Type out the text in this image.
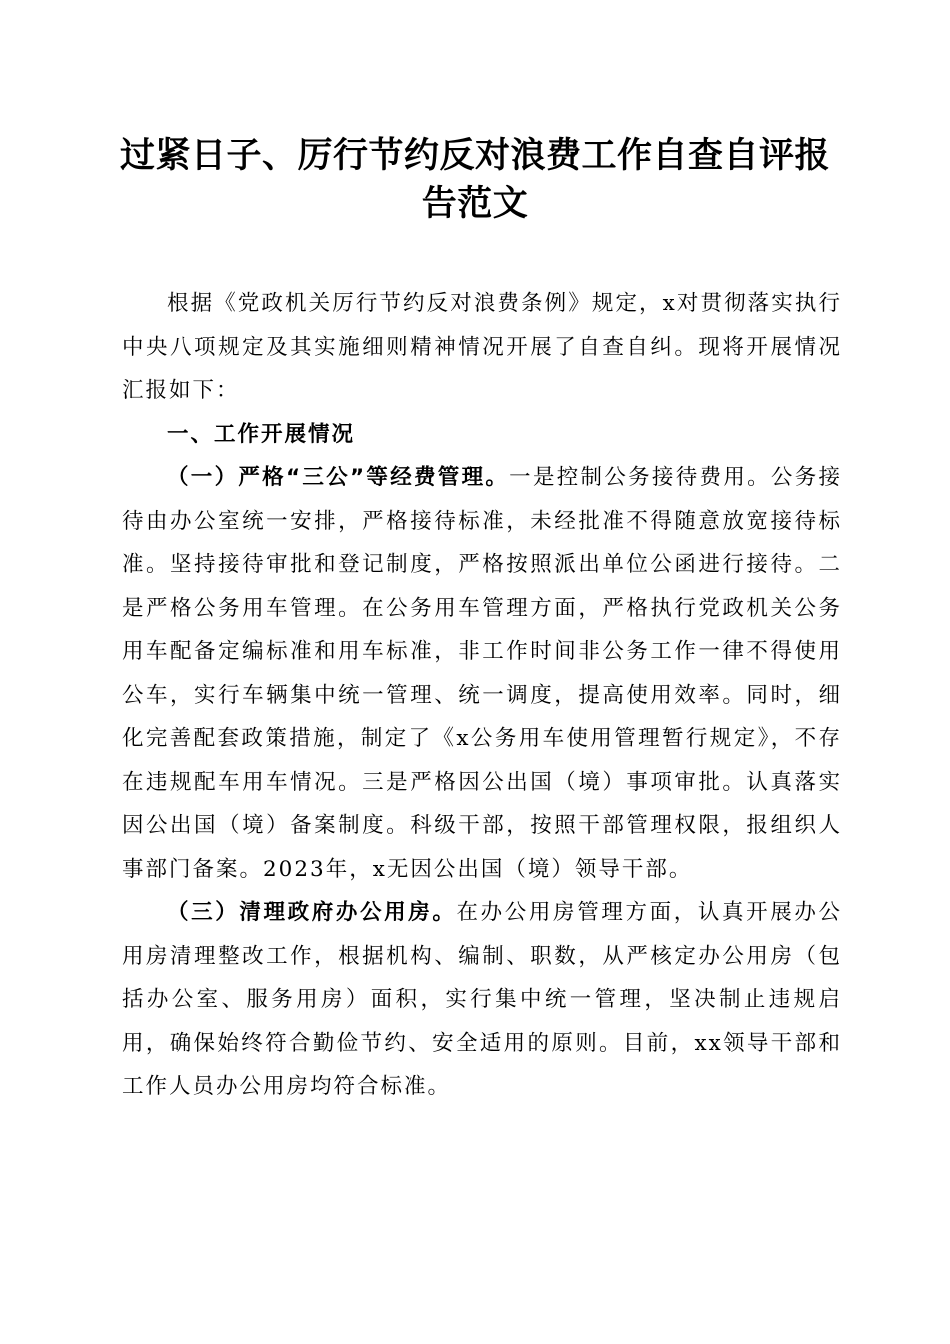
过紧日子、厉行节约反对浪费工作自查自评报
告范文

根据《党政机关厉行节约反对浪费条例》规定，x对贯彻落实执行中央八项规定及其实施细则精神情况开展了自查自纠。现将开展情况汇报如下：

一、工作开展情况

（一）严格“三公”等经费管理。一是控制公务接待费用。公务接待由办公室统一安排，严格接待标准，未经批准不得随意放宽接待标准。坚持接待审批和登记制度，严格按照派出单位公函进行接待。二是严格公务用车管理。在公务用车管理方面，严格执行党政机关公务用车配备定编标准和用车标准，非工作时间非公务工作一律不得使用公车，实行车辆集中统一管理、统一调度，提高使用效率。同时，细化完善配套政策措施，制定了《x公务用车使用管理暂行规定》，不存在违规配车用车情况。三是严格因公出国（境）事项审批。认真落实因公出国（境）备案制度。科级干部，按照干部管理权限，报组织人事部门备案。2023年，x无因公出国（境）领导干部。

（三）清理政府办公用房。在办公用房管理方面，认真开展办公用房清理整改工作，根据机构、编制、职数，从严核定办公用房（包括办公室、服务用房）面积，实行集中统一管理，坚决制止违规启用，确保始终符合勤俭节约、安全适用的原则。目前，xx领导干部和工作人员办公用房均符合标准。
